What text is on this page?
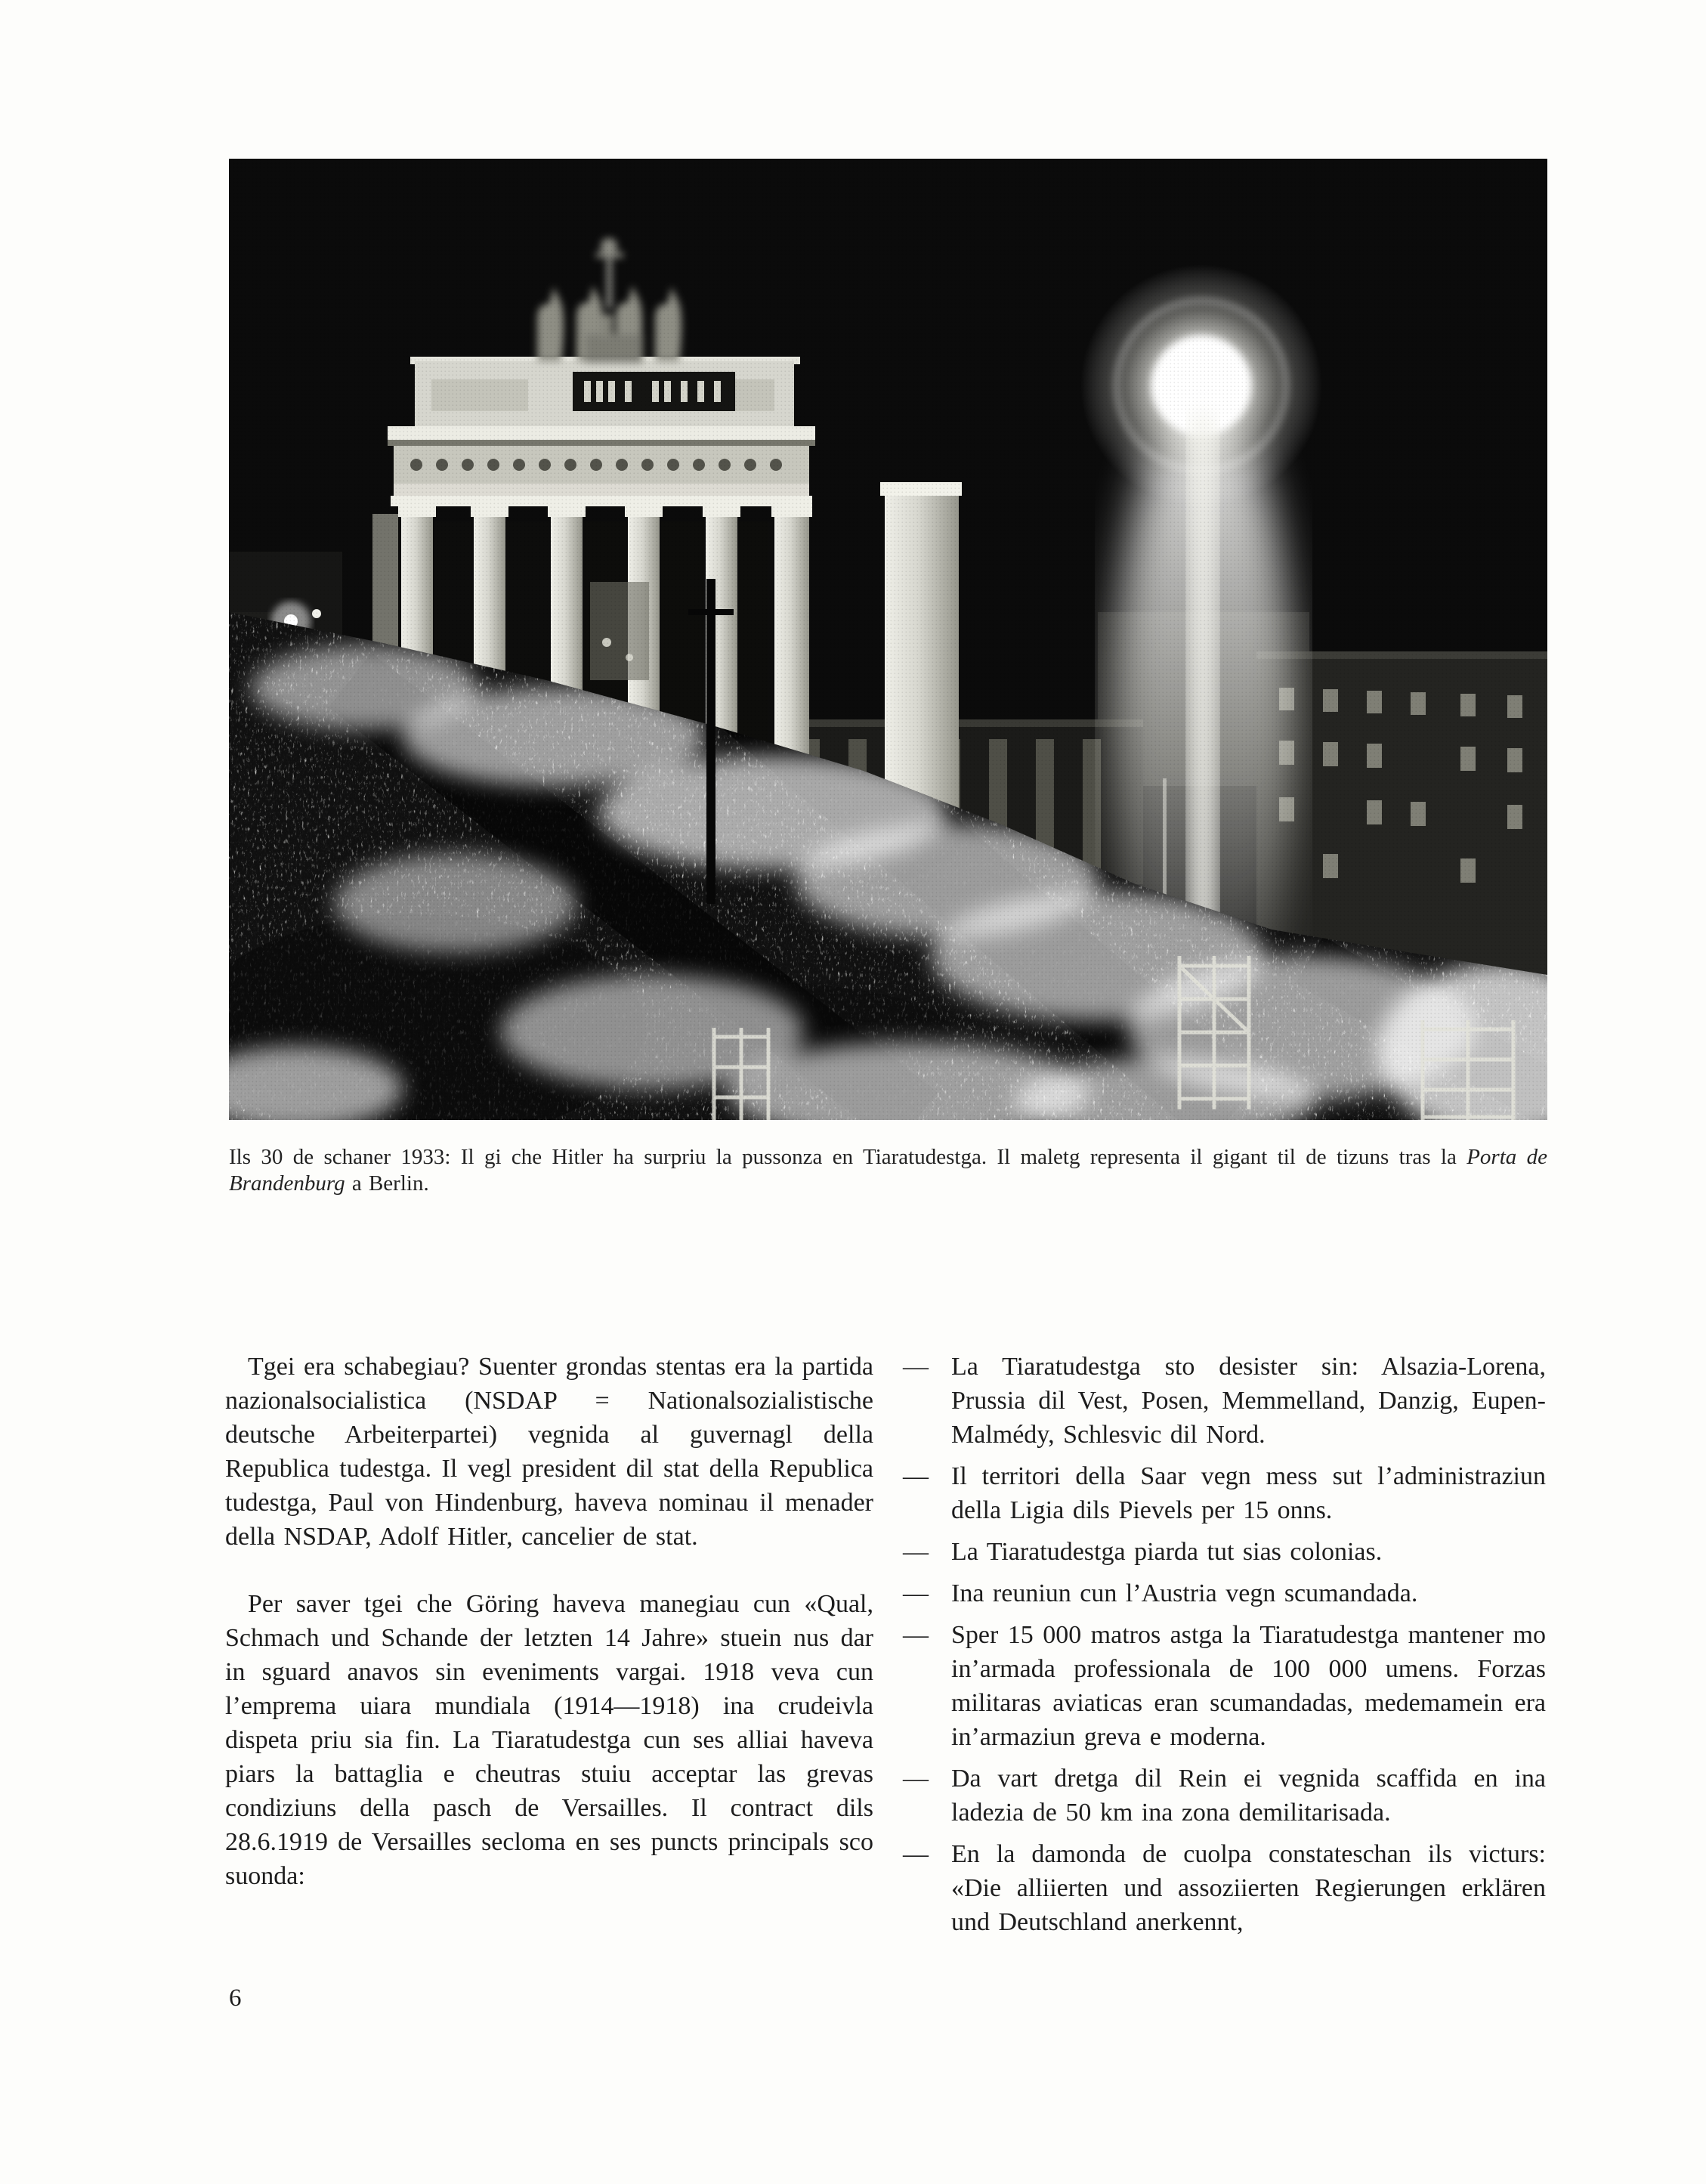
Ils 30 de schaner 1933: Il gi che Hitler ha surpriu la pussonza en Tiaratudestga. Il maletg representa il gigant til de tizuns tras la Porta de Brandenburg a Berlin.

Tgei era schabegiau? Suenter grondas stentas era la partida nazionalsocialistica (NSDAP = Nationalsozialistische deutsche Arbeiterpartei) vegnida al guvernagl della Republica tudestga. Il vegl president dil stat della Republica tudestga, Paul von Hindenburg, haveva nominau il menader della NSDAP, Adolf Hitler, cancelier de stat.

Per saver tgei che Göring haveva manegiau cun «Qual, Schmach und Schande der letzten 14 Jahre» stuein nus dar in sguard anavos sin eveniments vargai. 1918 veva cun l’emprema uiara mundiala (1914—1918) ina crudeivla dispeta priu sia fin. La Tiaratudestga cun ses alliai haveva piars la battaglia e cheutras stuiu acceptar las grevas condiziuns della pasch de Versailles. Il contract dils 28.6.1919 de Versailles secloma en ses puncts principals sco suonda:

— La Tiaratudestga sto desister sin: Alsazia-Lorena, Prussia dil Vest, Posen, Memmelland, Danzig, Eupen-Malmédy, Schlesvic dil Nord.
— Il territori della Saar vegn mess sut l’administraziun della Ligia dils Pievels per 15 onns.
— La Tiaratudestga piarda tut sias colonias.
— Ina reuniun cun l’Austria vegn scumandada.
— Sper 15 000 matros astga la Tiaratudestga mantener mo in’armada professionala de 100 000 umens. Forzas militaras aviaticas eran scumandadas, medemamein era in’armaziun greva e moderna.
— Da vart dretga dil Rein ei vegnida scaffida en ina ladezia de 50 km ina zona demilitarisada.
— En la damonda de cuolpa constateschan ils victurs: «Die alliierten und assoziierten Regierungen erklären und Deutschland anerkennt,
6
